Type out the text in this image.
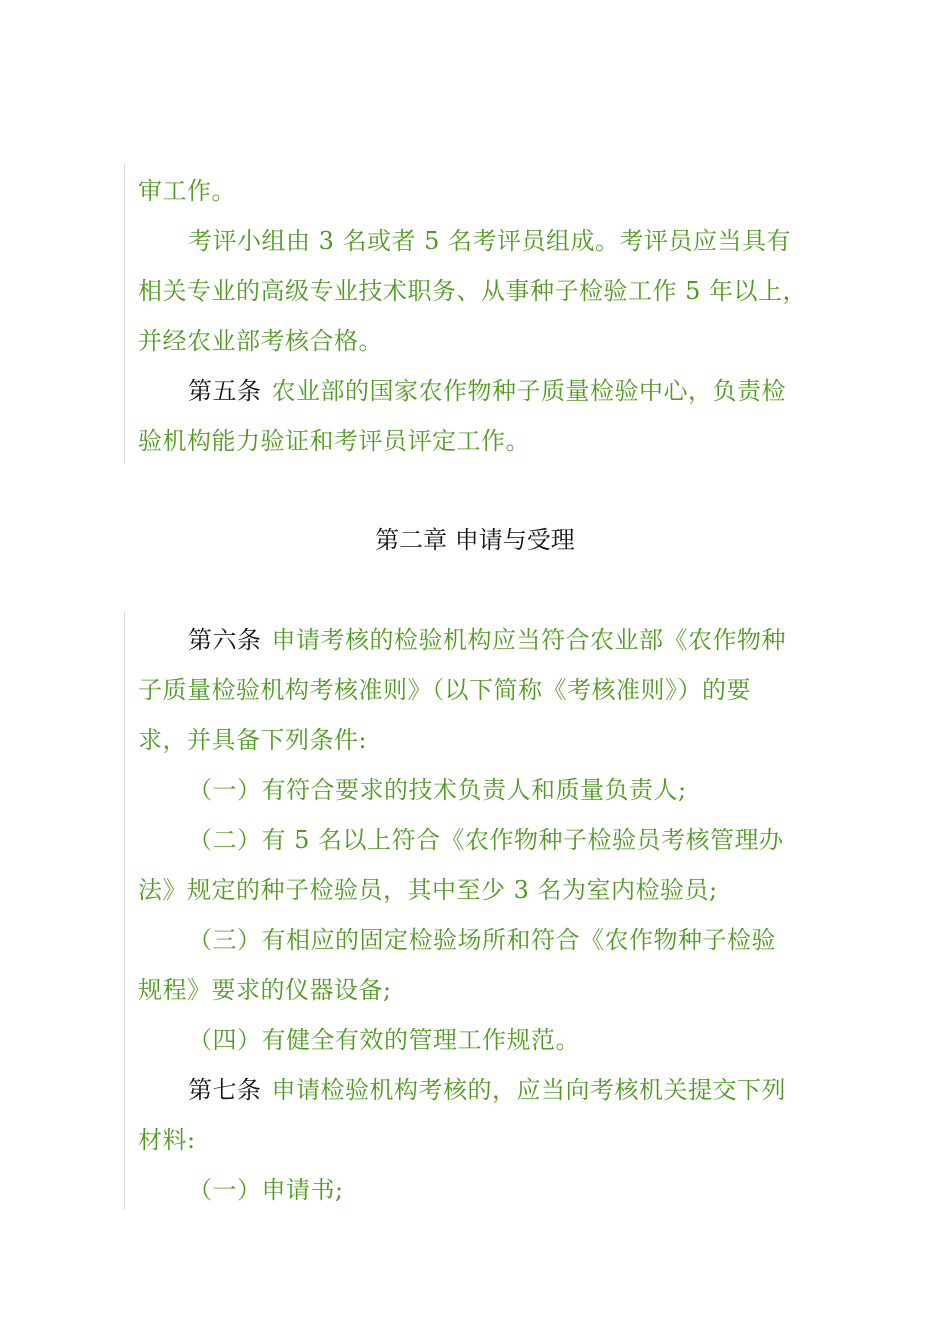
审工作。
考评小组由 3 名或者 5 名考评员组成。考评员应当具有
相关专业的高级专业技术职务、从事种子检验工作 5 年以上，
并经农业部考核合格。
第五条 农业部的国家农作物种子质量检验中心，负责检
验机构能力验证和考评员评定工作。
第二章 申请与受理
第六条 申请考核的检验机构应当符合农业部《农作物种
子质量检验机构考核准则》（以下简称《考核准则》）的要
求，并具备下列条件:
（一）有符合要求的技术负责人和质量负责人;
（二）有 5 名以上符合《农作物种子检验员考核管理办
法》规定的种子检验员，其中至少 3 名为室内检验员;
（三）有相应的固定检验场所和符合《农作物种子检验
规程》要求的仪器设备;
（四）有健全有效的管理工作规范。
第七条 申请检验机构考核的，应当向考核机关提交下列
材料:
（一）申请书;
